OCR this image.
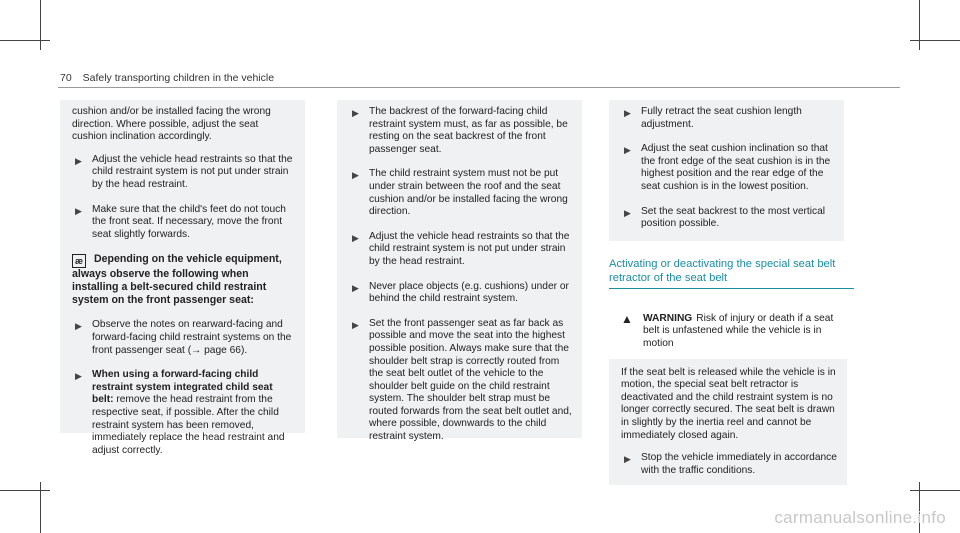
70 Safely transporting children in the vehicle

cushion and/or be installed facing the wrong direction. Where possible, adjust the seat cushion inclination accordingly.

▶ Adjust the vehicle head restraints so that the child restraint system is not put under strain by the head restraint.
▶ Make sure that the child's feet do not touch the front seat. If necessary, move the front seat slightly forwards.
æ Depending on the vehicle equipment, always observe the following when installing a belt-secured child restraint system on the front passenger seat:
▶ Observe the notes on rearward-facing and forward-facing child restraint systems on the front passenger seat (→ page 66).
▶ When using a forward-facing child restraint system integrated child seat belt: remove the head restraint from the respective seat, if possible. After the child restraint system has been removed, immediately replace the head restraint and adjust correctly.
▶ The backrest of the forward-facing child restraint system must, as far as possible, be resting on the seat backrest of the front passenger seat.
▶ The child restraint system must not be put under strain between the roof and the seat cushion and/or be installed facing the wrong direction.
▶ Adjust the vehicle head restraints so that the child restraint system is not put under strain by the head restraint.
▶ Never place objects (e.g. cushions) under or behind the child restraint system.
▶ Set the front passenger seat as far back as possible and move the seat into the highest possible position. Always make sure that the shoulder belt strap is correctly routed from the seat belt outlet of the vehicle to the shoulder belt guide on the child restraint system. The shoulder belt strap must be routed forwards from the seat belt outlet and, where possible, downwards to the child restraint system.
▶ Fully retract the seat cushion length adjustment.
▶ Adjust the seat cushion inclination so that the front edge of the seat cushion is in the highest position and the rear edge of the seat cushion is in the lowest position.
▶ Set the seat backrest to the most vertical position possible.
Activating or deactivating the special seat belt retractor of the seat belt
▲ WARNING Risk of injury or death if a seat belt is unfastened while the vehicle is in motion

If the seat belt is released while the vehicle is in motion, the special seat belt retractor is deactivated and the child restraint system is no longer correctly secured. The seat belt is drawn in slightly by the inertia reel and cannot be immediately closed again.

▶ Stop the vehicle immediately in accordance with the traffic conditions.
carmanualsonline.info
